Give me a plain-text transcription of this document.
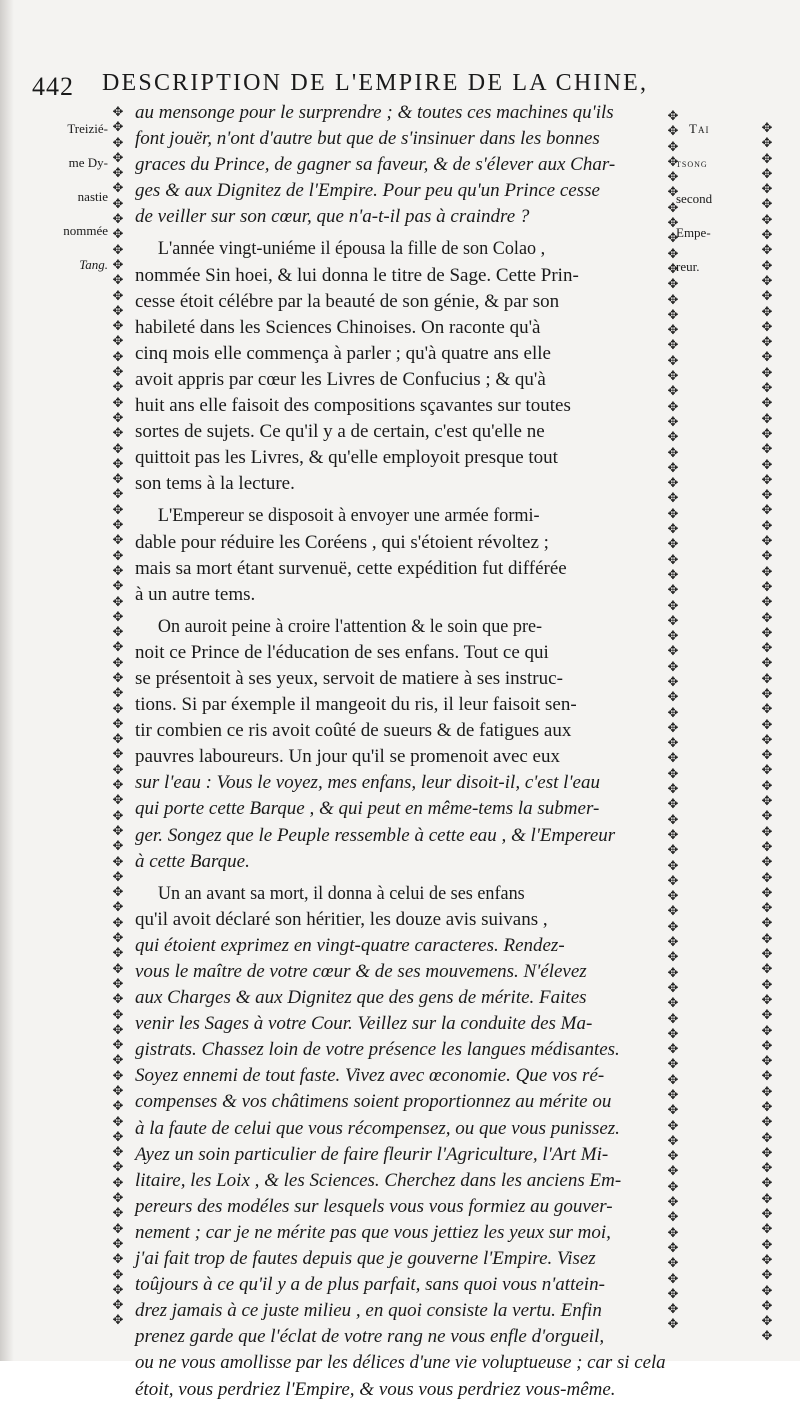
442 DESCRIPTION DE L'EMPIRE DE LA CHINE,
✥
✥
✥
✥
✥
✥
✥
✥
✥
✥
✥
✥
✥
✥
✥
✥
✥
✥
✥
✥
✥
✥
✥
✥
✥
✥
✥
✥
✥
✥
✥
✥
✥
✥
✥
✥
✥
✥
✥
✥
✥
✥
✥
✥
✥
✥
✥
✥
✥
✥
✥
✥
✥
✥
✥
✥
✥
✥
✥
✥
✥
✥
✥
✥
✥
✥
✥
✥
✥
✥
✥
✥
✥
✥
✥
✥
✥
✥
✥
✥
✥
✥
✥
✥
✥
✥
✥
✥
✥
✥
✥
✥
✥
✥
✥
✥
✥
✥
✥
✥
✥
✥
✥
✥
✥
✥
✥
✥
✥
✥
✥
✥
✥
✥
✥
✥
✥
✥
✥
✥
✥
✥
✥
✥
✥
✥
✥
✥
✥
✥
✥
✥
✥
✥
✥
✥
✥
✥
✥
✥
✥
✥
✥
✥
✥
✥
✥
✥
✥
✥
✥
✥
✥
✥
✥
✥
✥
✥
✥
✥
✥
✥
✥
✥
✥
✥
✥
✥
✥
✥
✥
✥
✥
✥
✥
✥
✥
✥
✥
✥
✥
✥
✥
✥
✥
✥
✥
✥
✥
✥
✥
✥
✥
✥
✥
✥
✥
✥
✥
✥
✥
✥
✥
✥
✥
✥
✥
✥
✥
✥
✥
✥
✥
✥
✥
✥
✥
✥
✥
✥
✥
✥
✥
✥
✥
✥
✥
✥
✥
✥
✥
✥
✥
✥
✥
✥
✥
✥
✥
✥

Treizié-

me Dy-

nastie

nommée

Tang.

Tai

tsong

second

Empe-

reur.

au mensonge pour le surprendre ; & toutes ces machines qu'ils
font jouër, n'ont d'autre but que de s'insinuer dans les bonnes
graces du Prince, de gagner sa faveur, & de s'élever aux Char-
ges & aux Dignitez de l'Empire. Pour peu qu'un Prince cesse
de veiller sur son cœur, que n'a-t-il pas à craindre ?
L'année vingt-uniéme il épousa la fille de son Colao ,
nommée Sin hoei, & lui donna le titre de Sage. Cette Prin-
cesse étoit célébre par la beauté de son génie, & par son
habileté dans les Sciences Chinoises. On raconte qu'à
cinq mois elle commença à parler ; qu'à quatre ans elle
avoit appris par cœur les Livres de Confucius ; & qu'à
huit ans elle faisoit des compositions sçavantes sur toutes
sortes de sujets. Ce qu'il y a de certain, c'est qu'elle ne
quittoit pas les Livres, & qu'elle employoit presque tout
son tems à la lecture.
L'Empereur se disposoit à envoyer une armée formi-
dable pour réduire les Coréens , qui s'étoient révoltez ;
mais sa mort étant survenuë, cette expédition fut différée
à un autre tems.
On auroit peine à croire l'attention & le soin que pre-
noit ce Prince de l'éducation de ses enfans. Tout ce qui
se présentoit à ses yeux, servoit de matiere à ses instruc-
tions. Si par éxemple il mangeoit du ris, il leur faisoit sen-
tir combien ce ris avoit coûté de sueurs & de fatigues aux
pauvres laboureurs. Un jour qu'il se promenoit avec eux
sur l'eau : Vous le voyez, mes enfans, leur disoit-il, c'est l'eau
qui porte cette Barque , & qui peut en même-tems la submer-
ger. Songez que le Peuple ressemble à cette eau , & l'Empereur
à cette Barque.
Un an avant sa mort, il donna à celui de ses enfans
qu'il avoit déclaré son héritier, les douze avis suivans ,
qui étoient exprimez en vingt-quatre caracteres. Rendez-
vous le maître de votre cœur & de ses mouvemens. N'élevez
aux Charges & aux Dignitez que des gens de mérite. Faites
venir les Sages à votre Cour. Veillez sur la conduite des Ma-
gistrats. Chassez loin de votre présence les langues médisantes.
Soyez ennemi de tout faste. Vivez avec œconomie. Que vos ré-
compenses & vos châtimens soient proportionnez au mérite ou
à la faute de celui que vous récompensez, ou que vous punissez.
Ayez un soin particulier de faire fleurir l'Agriculture, l'Art Mi-
litaire, les Loix , & les Sciences. Cherchez dans les anciens Em-
pereurs des modéles sur lesquels vous vous formiez au gouver-
nement ; car je ne mérite pas que vous jettiez les yeux sur moi,
j'ai fait trop de fautes depuis que je gouverne l'Empire. Visez
toûjours à ce qu'il y a de plus parfait, sans quoi vous n'attein-
drez jamais à ce juste milieu , en quoi consiste la vertu. Enfin
prenez garde que l'éclat de votre rang ne vous enfle d'orgueil,
ou ne vous amollisse par les délices d'une vie voluptueuse ; car si cela
étoit, vous perdriez l'Empire, & vous vous perdriez vous-même.
